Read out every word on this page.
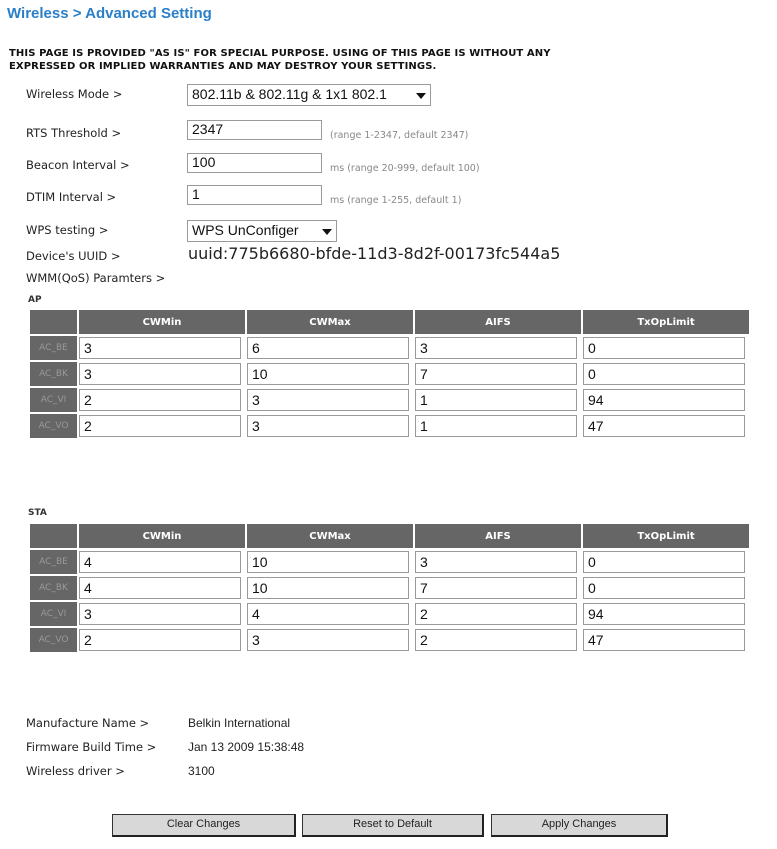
Wireless > Advanced Setting
THIS PAGE IS PROVIDED "AS IS" FOR SPECIAL PURPOSE. USING OF THIS PAGE IS WITHOUT ANY
EXPRESSED OR IMPLIED WARRANTIES AND MAY DESTROY YOUR SETTINGS.
Wireless Mode >	802.11b & 802.11g & 1x1 802.1
RTS Threshold >	2347	(range 1-2347, default 2347)
Beacon Interval >	100	ms (range 20-999, default 100)
DTIM Interval >	1	ms (range 1-255, default 1)
WPS testing >	WPS UnConfiger
Device's UUID >	uuid:775b6680-bfde-11d3-8d2f-00173fc544a5
WMM(QoS) Paramters >
AP
	CWMin	CWMax	AIFS	TxOpLimit
AC_BE	3	6	3	0

AC_BK	3	10	7	0

AC_VI	2	3	1	94

AC_VO	2	3	1	47
STA
	CWMin	CWMax	AIFS	TxOpLimit
AC_BE	4	10	3	0

AC_BK	4	10	7	0

AC_VI	3	4	2	94

AC_VO	2	3	2	47
Manufacture Name >	Belkin International
Firmware Build Time >	Jan 13 2009 15:38:48
Wireless driver >	3100
Clear Changes	Reset to Default	Apply Changes
